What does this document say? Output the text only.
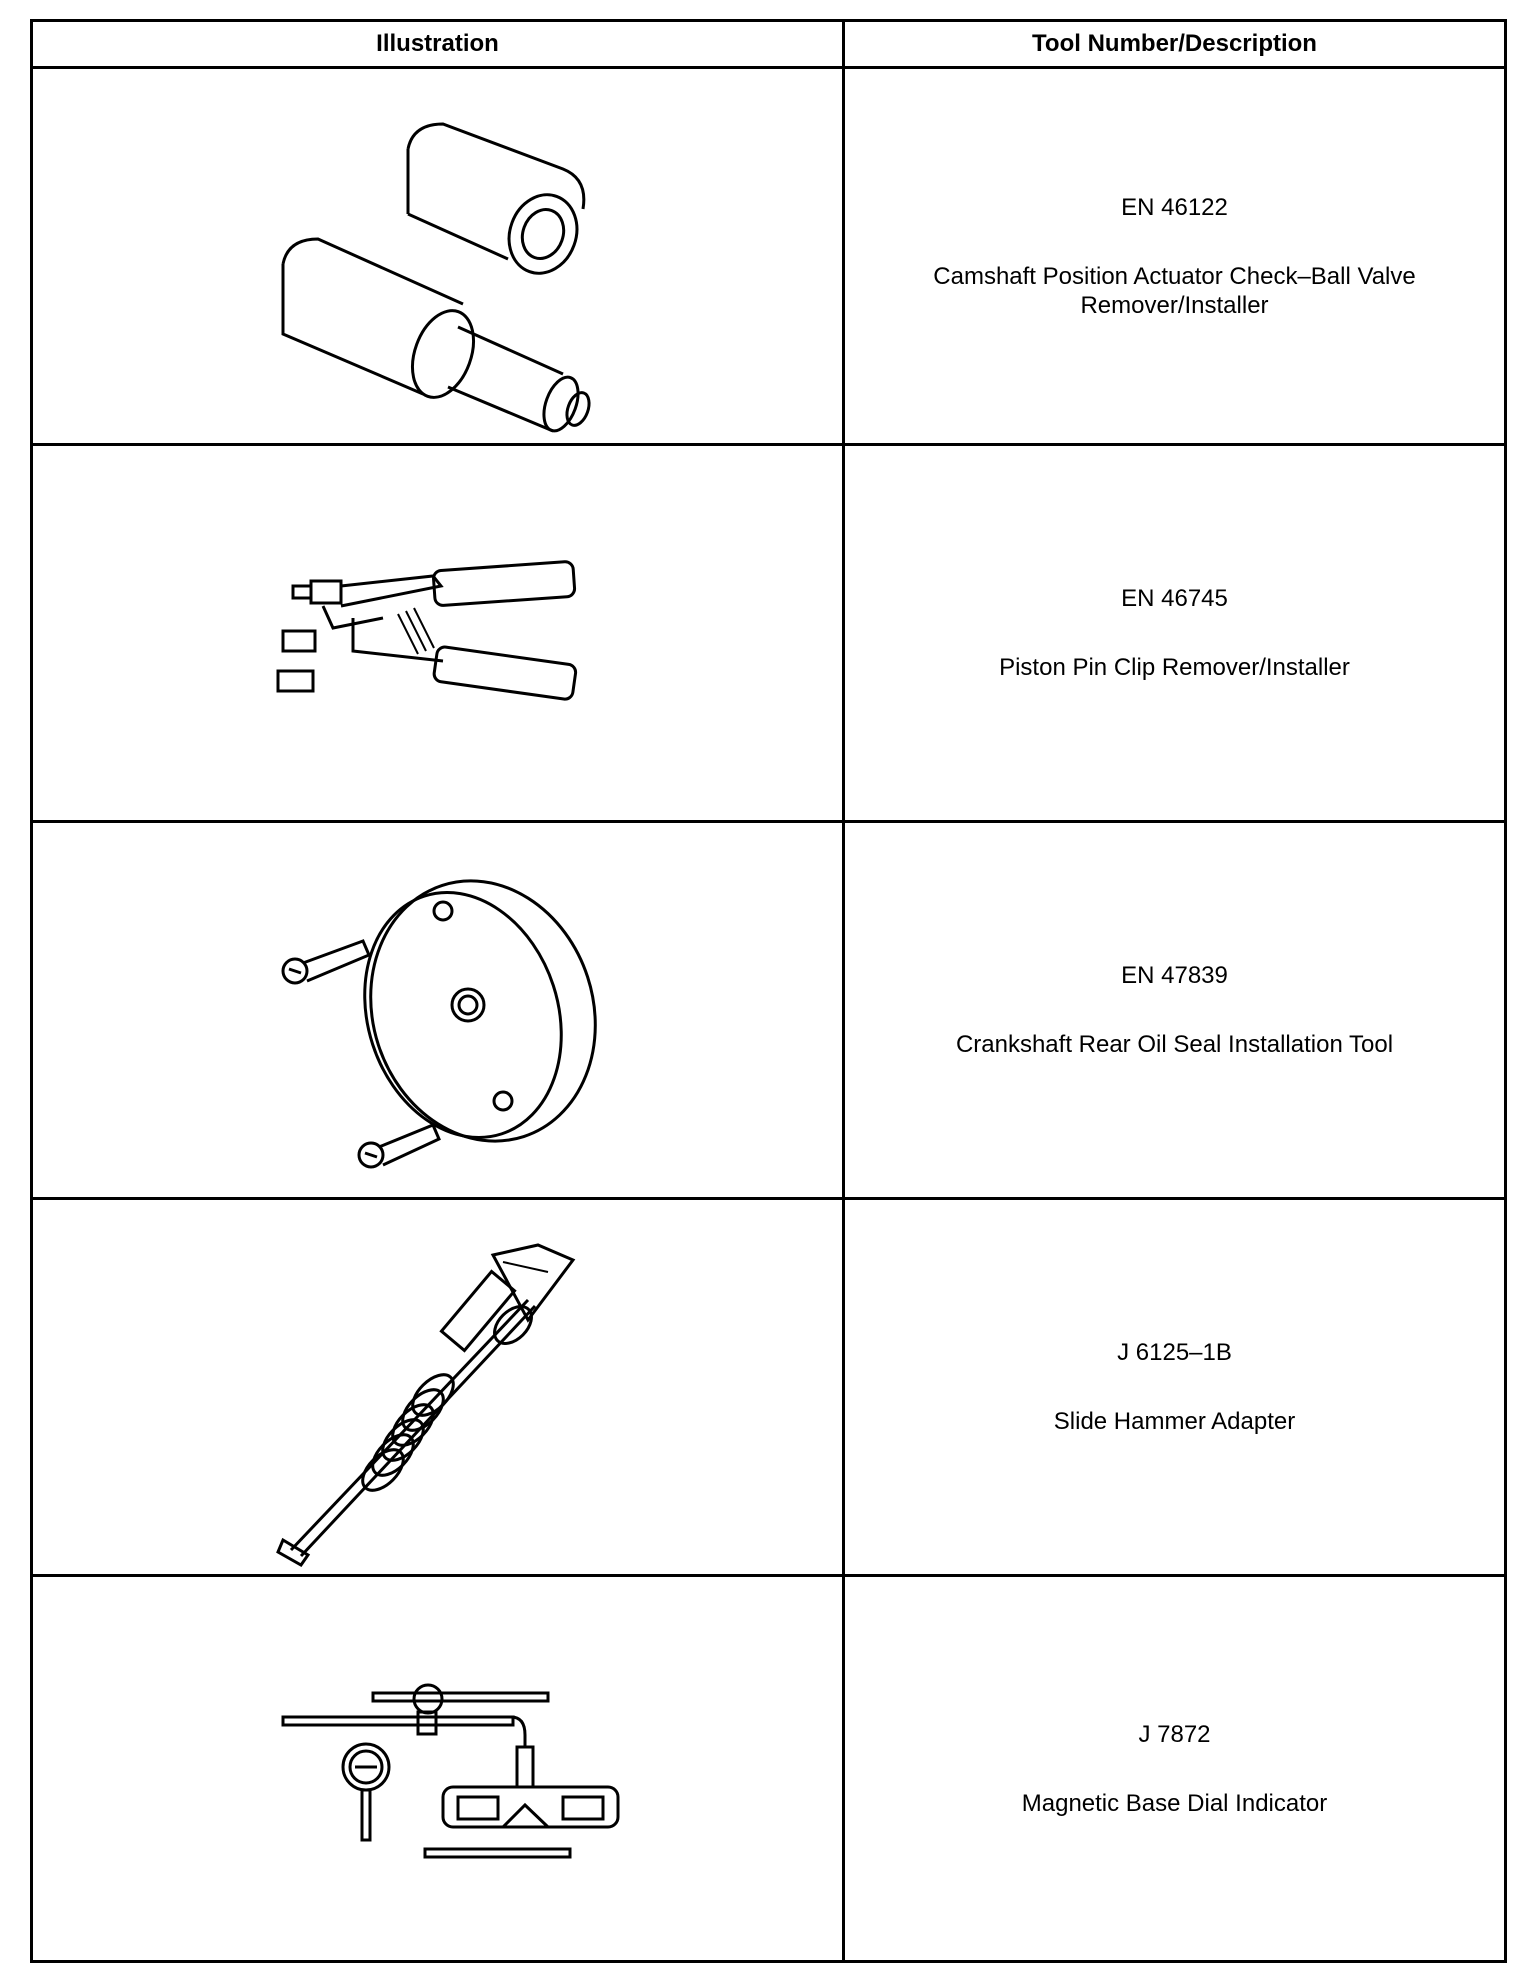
Illustration	Tool Number/Description
EN 46122
Camshaft Position Actuator Check–Ball Valve Remover/Installer
EN 46745
Piston Pin Clip Remover/Installer
EN 47839
Crankshaft Rear Oil Seal Installation Tool
J 6125–1B
Slide Hammer Adapter
J 7872
Magnetic Base Dial Indicator
